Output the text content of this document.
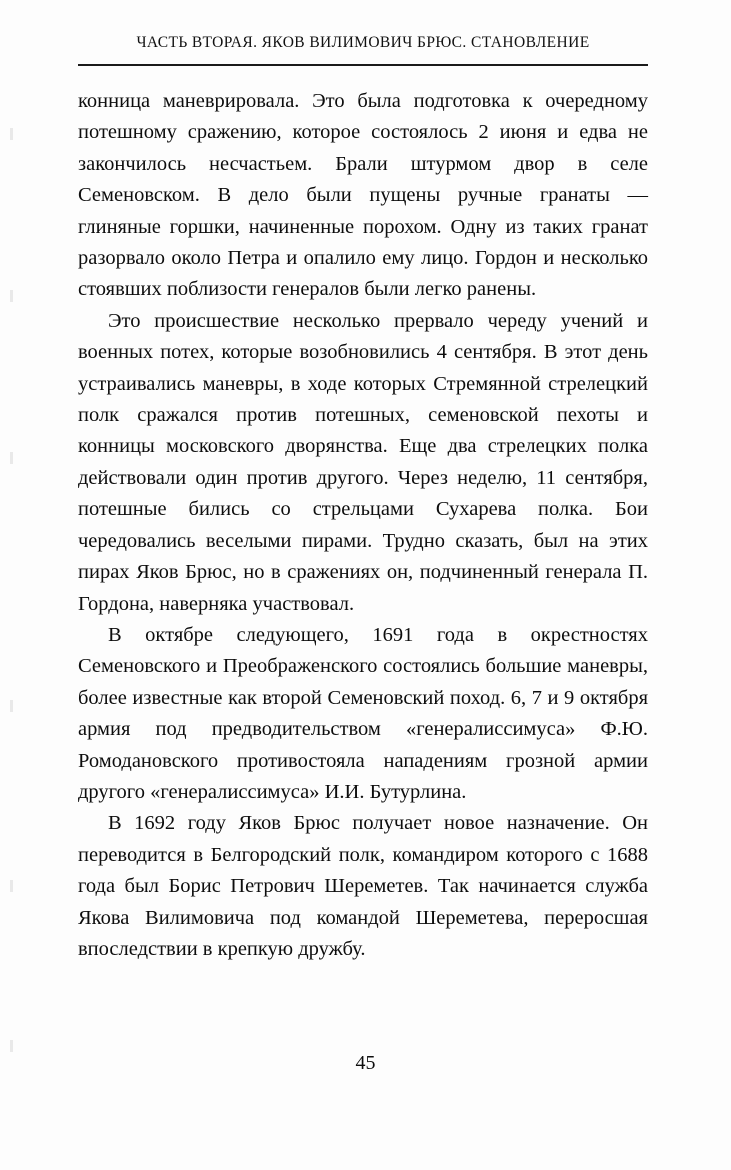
ЧАСТЬ ВТОРАЯ. ЯКОВ ВИЛИМОВИЧ БРЮС. СТАНОВЛЕНИЕ

конница маневрировала. Это была подготовка к очередному потешному сражению, которое состоялось 2 июня и едва не закончилось несчастьем. Брали штурмом двор в селе Семеновском. В дело были пущены ручные гранаты — глиняные горшки, начиненные порохом. Одну из таких гранат разорвало около Петра и опалило ему лицо. Гордон и несколько стоявших поблизости генералов были легко ранены.

Это происшествие несколько прервало череду учений и военных потех, которые возобновились 4 сентября. В этот день устраивались маневры, в ходе которых Стремянной стрелецкий полк сражался против потешных, семеновской пехоты и конницы московского дворянства. Еще два стрелецких полка действовали один против другого. Через неделю, 11 сентября, потешные бились со стрельцами Сухарева полка. Бои чередовались веселыми пирами. Трудно сказать, был на этих пирах Яков Брюс, но в сражениях он, подчиненный генерала П. Гордона, наверняка участвовал.

В октябре следующего, 1691 года в окрестностях Семеновского и Преображенского состоялись большие маневры, более известные как второй Семеновский поход. 6, 7 и 9 октября армия под предводительством «генералиссимуса» Ф.Ю. Ромодановского противостояла нападениям грозной армии другого «генералиссимуса» И.И. Бутурлина.

В 1692 году Яков Брюс получает новое назначение. Он переводится в Белгородский полк, командиром которого с 1688 года был Борис Петрович Шереметев. Так начинается служба Якова Вилимовича под командой Шереметева, переросшая впоследствии в крепкую дружбу.

45
